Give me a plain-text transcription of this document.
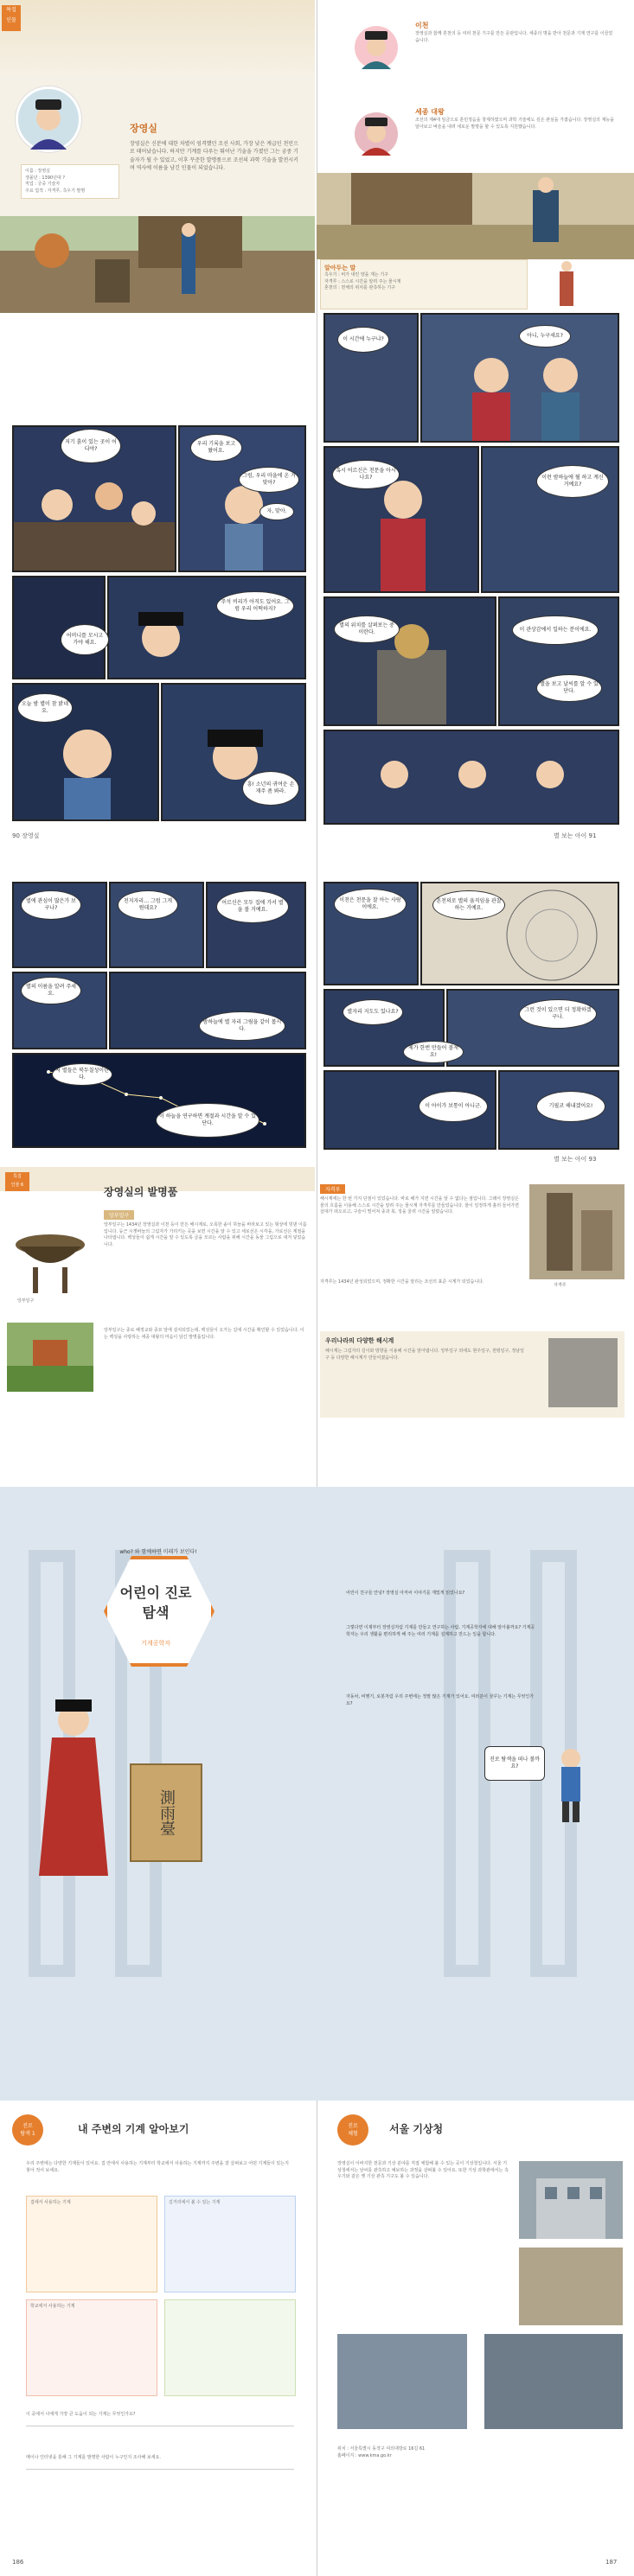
특집
인물
장영실
장영실은 신분에 대한 차별이 엄격했던 조선 사회, 가장 낮은 계급인 천민으로 태어났습니다. 하지만 기계를 다루는 뛰어난 기술을 가졌던 그는 궁중 기술자가 될 수 있었고, 이후 꾸준한 발명품으로 조선의 과학 기술을 발전시키며 역사에 이름을 남긴 인물이 되었습니다.
이름 : 장영실
생몰년 : 1390년대 ?
직업 : 궁중 기술자
주요 업적 : 자격루, 측우기 발명
이천
장영실과 함께 혼천의 등 여러 천문 기구를 만든 문관입니다. 세종의 명을 받아 천문과 기계 연구를 이끌었습니다.
세종 대왕
조선의 제4대 임금으로 훈민정음을 창제하였으며 과학 기술에도 깊은 관심을 가졌습니다. 장영실의 재능을 알아보고 벼슬을 내려 새로운 발명을 할 수 있도록 지원했습니다.
알아두는 말
측우기 : 비가 내린 양을 재는 기구
자격루 : 스스로 시간을 알려 주는 물시계
혼천의 : 천체의 위치를 관측하는 기구
저기 흙이 있는 곳이 어디야?
우리 기록을 보고 왔어요.
그럼, 우리 마을에 온 거 맞아?
자, 맞아.
어머니를 모시고 가야 해요.
주석 비리가 아직도 있어요. 그럼 우리 어떡하지?
오늘 밤 별이 참 밝네요.
흥! 소년의 귀여운 손재주 좀 봐라.
이 시간에 누구냐?
아니, 누구세요?
혹시 어르신은 천문을 아시나요?	이런 밤하늘에 뭘 하고 계신 거예요?
별의 위치를 살펴보는 중이란다.	이 관상감에서 일하는 분이에요.
별을 보고 날씨를 알 수 있단다.
90 장영실	별 보는 아이 91
별에 관심이 많은가 보구나?
천지자리… 그럼 그게 뭔데요?
어르신은 모두 집에 가서 별을 볼 거예요.
별의 이름을 알려 주세요.
밤하늘에 별 자리 그림을 같이 봅시다.
저 별들은 북두칠성이란다.
이 하늘을 연구하면 계절과 시간을 알 수 있단다.
이천은 천문을 잘 아는 사람이에요.
혼천의로 별의 움직임을 관찰하는 거예요.
별자리 지도도 있나요?	그런 것이 있으면 더 정확하겠구나.
제가 한번 만들어 볼게요!
이 아이가 보통이 아니군.	기필코 해내겠어요!
별 보는 아이 93
특집
인물 6
장영실의 발명품
앙부일구
앙부일구는 1434년 장영실과 이천 등이 만든 해시계로, 오목한 솥이 하늘을 바라보고 있는 형상에 빗댄 이름입니다. 둥근 시곗바늘의 그림자가 가리키는 곳을 보면 시간을 알 수 있고 세로선은 시각을, 가로선은 계절을 나타냅니다. 백성들이 쉽게 시간을 알 수 있도록 글을 모르는 사람을 위해 시간을 동물 그림으로 새겨 넣었습니다.
앙부일구는 종로 혜정교와 종묘 앞에 설치되었는데, 백성들이 오가는 길에 시간을 확인할 수 있었습니다. 이는 백성을 사랑하는 세종 대왕의 마음이 담긴 발명품입니다.
앙부일구
자격루
해시계에는 한 번 가지 단점이 있었습니다. 바로 해가 지면 시간을 알 수 없다는 점입니다. 그래서 장영실은 물의 흐름을 이용해 스스로 시간을 알려 주는 물시계 자격루를 만들었습니다. 물이 일정하게 흘러 들어가면 살대가 떠오르고, 구슬이 떨어져 종과 북, 징을 울려 시간을 알렸습니다.
자격루는 1434년 완성되었으며, 정확한 시간을 알리는 조선의 표준 시계가 되었습니다.
자격루
우리나라의 다양한 해시계
해시계는 그림자의 길이와 방향을 이용해 시간을 알아냅니다. 앙부일구 외에도 현주일구, 천평일구, 정남일구 등 다양한 해시계가 만들어졌습니다.
who? 와 함께하면 미래가 보인다!
어린이 진로 탐색
기계공학자
測雨臺
어린이 친구들 안녕? 장영실 아저씨 이야기를 재밌게 읽었나요?
그렇다면 이제부터 장영실처럼 기계를 만들고 연구하는 사람, 기계공학자에 대해 알아볼까요? 기계공학자는 우리 생활을 편리하게 해 주는 여러 기계를 설계하고 만드는 일을 합니다.
자동차, 비행기, 로봇처럼 우리 주변에는 정말 많은 기계가 있어요. 여러분이 꿈꾸는 기계는 무엇인가요?
진로 탐색을 떠나 볼까요?
진로
탐색 1	내 주변의 기계 알아보기
우리 주변에는 다양한 기계들이 있어요. 집 안에서 사용하는 기계부터 학교에서 사용하는 기계까지 주변을 잘 살펴보고 어떤 기계들이 있는지 찾아 적어 보세요.
집에서 사용하는 기계	길거리에서 볼 수 있는 기계
학교에서 사용하는 기계
이 중에서 나에게 가장 큰 도움이 되는 기계는 무엇인가요?
메이나 인터넷을 통해 그 기계를 발명한 사람이 누구인지 조사해 보세요.
186
진로
체험	서울 기상청
장영실이 이바지한 천문과 기상 분야를 직접 체험해 볼 수 있는 곳이 기상청입니다. 서울 기상청에서는 날씨를 관측하고 예보하는 과정을 살펴볼 수 있어요. 또한 기상 과학관에서는 측우기와 같은 옛 기상 관측 기구도 볼 수 있습니다.
위치 : 서울특별시 동작구 여의대방로 16길 61
홈페이지 : www.kma.go.kr
187
